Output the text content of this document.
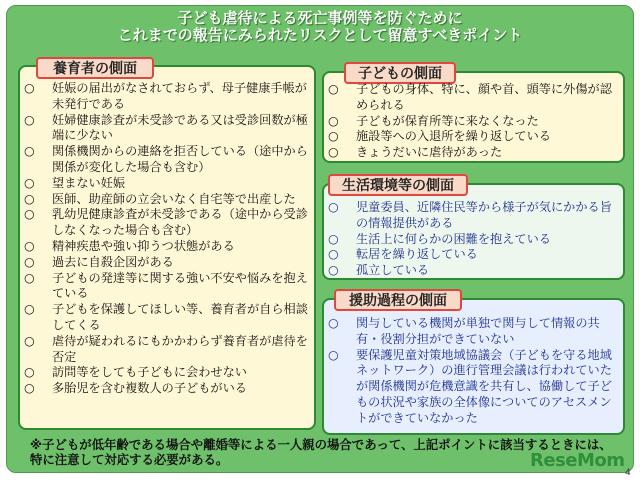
子ども虐待による死亡事例等を防ぐために
これまでの報告にみられたリスクとして留意すべきポイント
養育者の側面
○ 妊娠の届出がなされておらず、母子健康手帳が未発行である
○ 妊婦健康診査が未受診である又は受診回数が極端に少ない
○ 関係機関からの連絡を拒否している（途中から関係が変化した場合も含む）
○ 望まない妊娠
○ 医師、助産師の立会いなく自宅等で出産した
○ 乳幼児健康診査が未受診である（途中から受診しなくなった場合も含む）
○ 精神疾患や強い抑うつ状態がある
○ 過去に自殺企図がある
○ 子どもの発達等に関する強い不安や悩みを抱えている
○ 子どもを保護してほしい等、養育者が自ら相談してくる
○ 虐待が疑われるにもかかわらず養育者が虐待を否定
○ 訪問等をしても子どもに会わせない
○ 多胎児を含む複数人の子どもがいる
子どもの側面
○ 子どもの身体、特に、顔や首、頭等に外傷が認められる
○ 子どもが保育所等に来なくなった
○ 施設等への入退所を繰り返している
○ きょうだいに虐待があった
生活環境等の側面
○ 児童委員、近隣住民等から様子が気にかかる旨の情報提供がある
○ 生活上に何らかの困難を抱えている
○ 転居を繰り返している
○ 孤立している
援助過程の側面
○ 関与している機関が単独で関与して情報の共有・役割分担ができていない
○ 要保護児童対策地域協議会（子どもを守る地域ネットワーク）の進行管理会議は行われていたが関係機関が危機意識を共有し、協働して子どもの状況や家族の全体像についてのアセスメントができていなかった
※子どもが低年齢である場合や離婚等による一人親の場合であって、上記ポイントに該当するときには、特に注意して対応する必要がある。	ReseMom
4
